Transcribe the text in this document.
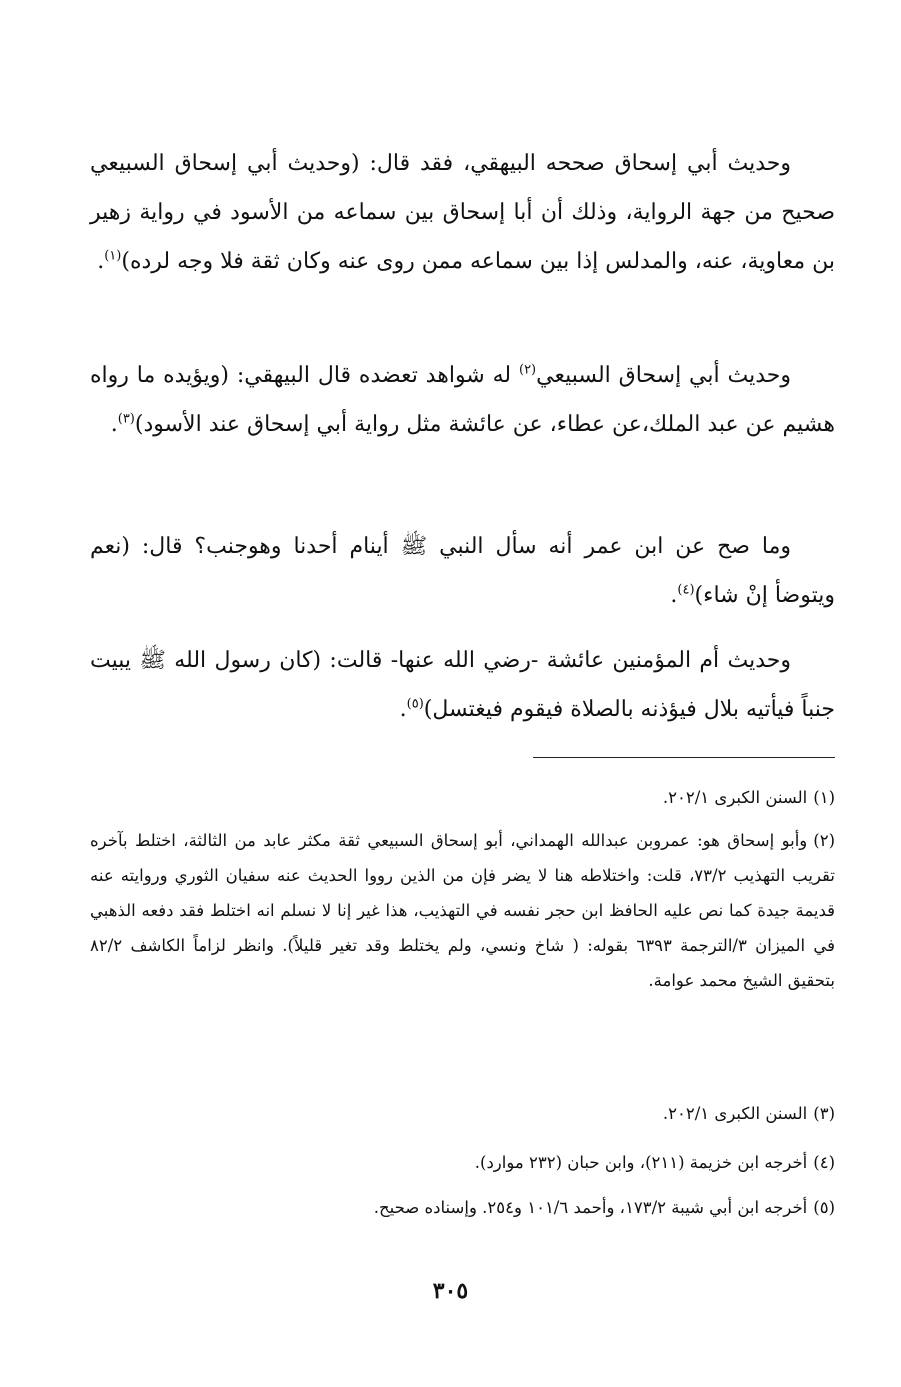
وحديث أبي إسحاق صححه البيهقي، فقد قال: (وحديث أبي إسحاق السبيعي صحيح من جهة الرواية، وذلك أن أبا إسحاق بين سماعه من الأسود في رواية زهير بن معاوية، عنه، والمدلس إذا بين سماعه ممن روى عنه وكان ثقة فلا وجه لرده)$^{(١)}$.

وحديث أبي إسحاق السبيعي$^{(٢)}$ له شواهد تعضده قال البيهقي: (ويؤيده ما رواه هشيم عن عبد الملك،عن عطاء، عن عائشة مثل رواية أبي إسحاق عند الأسود)$^{(٣)}$.

وما صح عن ابن عمر أنه سأل النبي ﷺ أينام أحدنا وهوجنب؟ قال: (نعم ويتوضأ إنْ شاء)$^{(٤)}$.

وحديث أم المؤمنين عائشة -رضي الله عنها- قالت: (كان رسول الله ﷺ يبيت جنباً فيأتيه بلال فيؤذنه بالصلاة فيقوم فيغتسل)$^{(٥)}$.

(١)السنن الكبرى ٢٠٢/١.

(٢)وأبو إسحاق هو: عمروبن عبدالله الهمداني، أبو إسحاق السبيعي ثقة مكثر عابد من الثالثة، اختلط بآخره تقريب التهذيب ٧٣/٢، قلت: واختلاطه هنا لا يضر فإن من الذين رووا الحديث عنه سفيان الثوري وروايته عنه قديمة جيدة كما نص عليه الحافظ ابن حجر نفسه في التهذيب، هذا غير إنا لا نسلم انه اختلط فقد دفعه الذهبي في الميزان ٣/الترجمة ٦٣٩٣ بقوله: ( شاخ ونسي، ولم يختلط وقد تغير قليلاً). وانظر لزاماً الكاشف ٨٢/٢ بتحقيق الشيخ محمد عوامة.

(٣)السنن الكبرى ٢٠٢/١.

(٤)أخرجه ابن خزيمة (٢١١)، وابن حبان (٢٣٢ موارد).

(٥)أخرجه ابن أبي شيبة ١٧٣/٢، وأحمد ١٠١/٦ و٢٥٤. وإسناده صحيح.

٣٠٥
